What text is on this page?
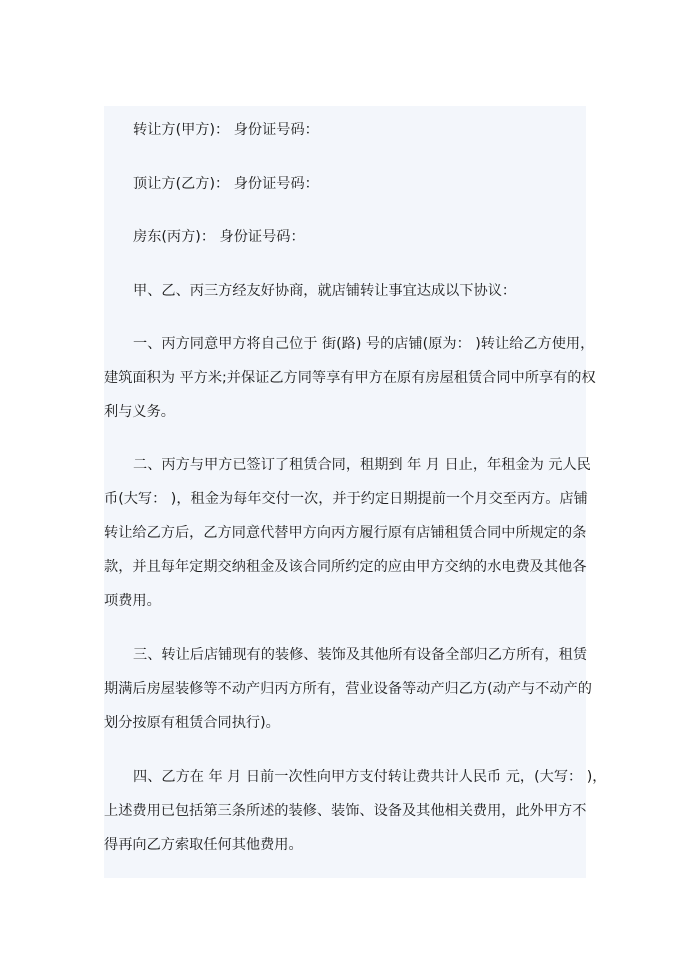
转让方(甲方)： 身份证号码：
顶让方(乙方)： 身份证号码：
房东(丙方)： 身份证号码：
甲、乙、丙三方经友好协商，就店铺转让事宜达成以下协议：
一、丙方同意甲方将自己位于 街(路) 号的店铺(原为： )转让给乙方使用，
建筑面积为 平方米;并保证乙方同等享有甲方在原有房屋租赁合同中所享有的权
利与义务。
二、丙方与甲方已签订了租赁合同，租期到 年 月 日止，年租金为 元人民
币(大写： )，租金为每年交付一次，并于约定日期提前一个月交至丙方。店铺
转让给乙方后，乙方同意代替甲方向丙方履行原有店铺租赁合同中所规定的条
款，并且每年定期交纳租金及该合同所约定的应由甲方交纳的水电费及其他各
项费用。
三、转让后店铺现有的装修、装饰及其他所有设备全部归乙方所有，租赁
期满后房屋装修等不动产归丙方所有，营业设备等动产归乙方(动产与不动产的
划分按原有租赁合同执行)。
四、乙方在 年 月 日前一次性向甲方支付转让费共计人民币 元，(大写： )，
上述费用已包括第三条所述的装修、装饰、设备及其他相关费用，此外甲方不
得再向乙方索取任何其他费用。
